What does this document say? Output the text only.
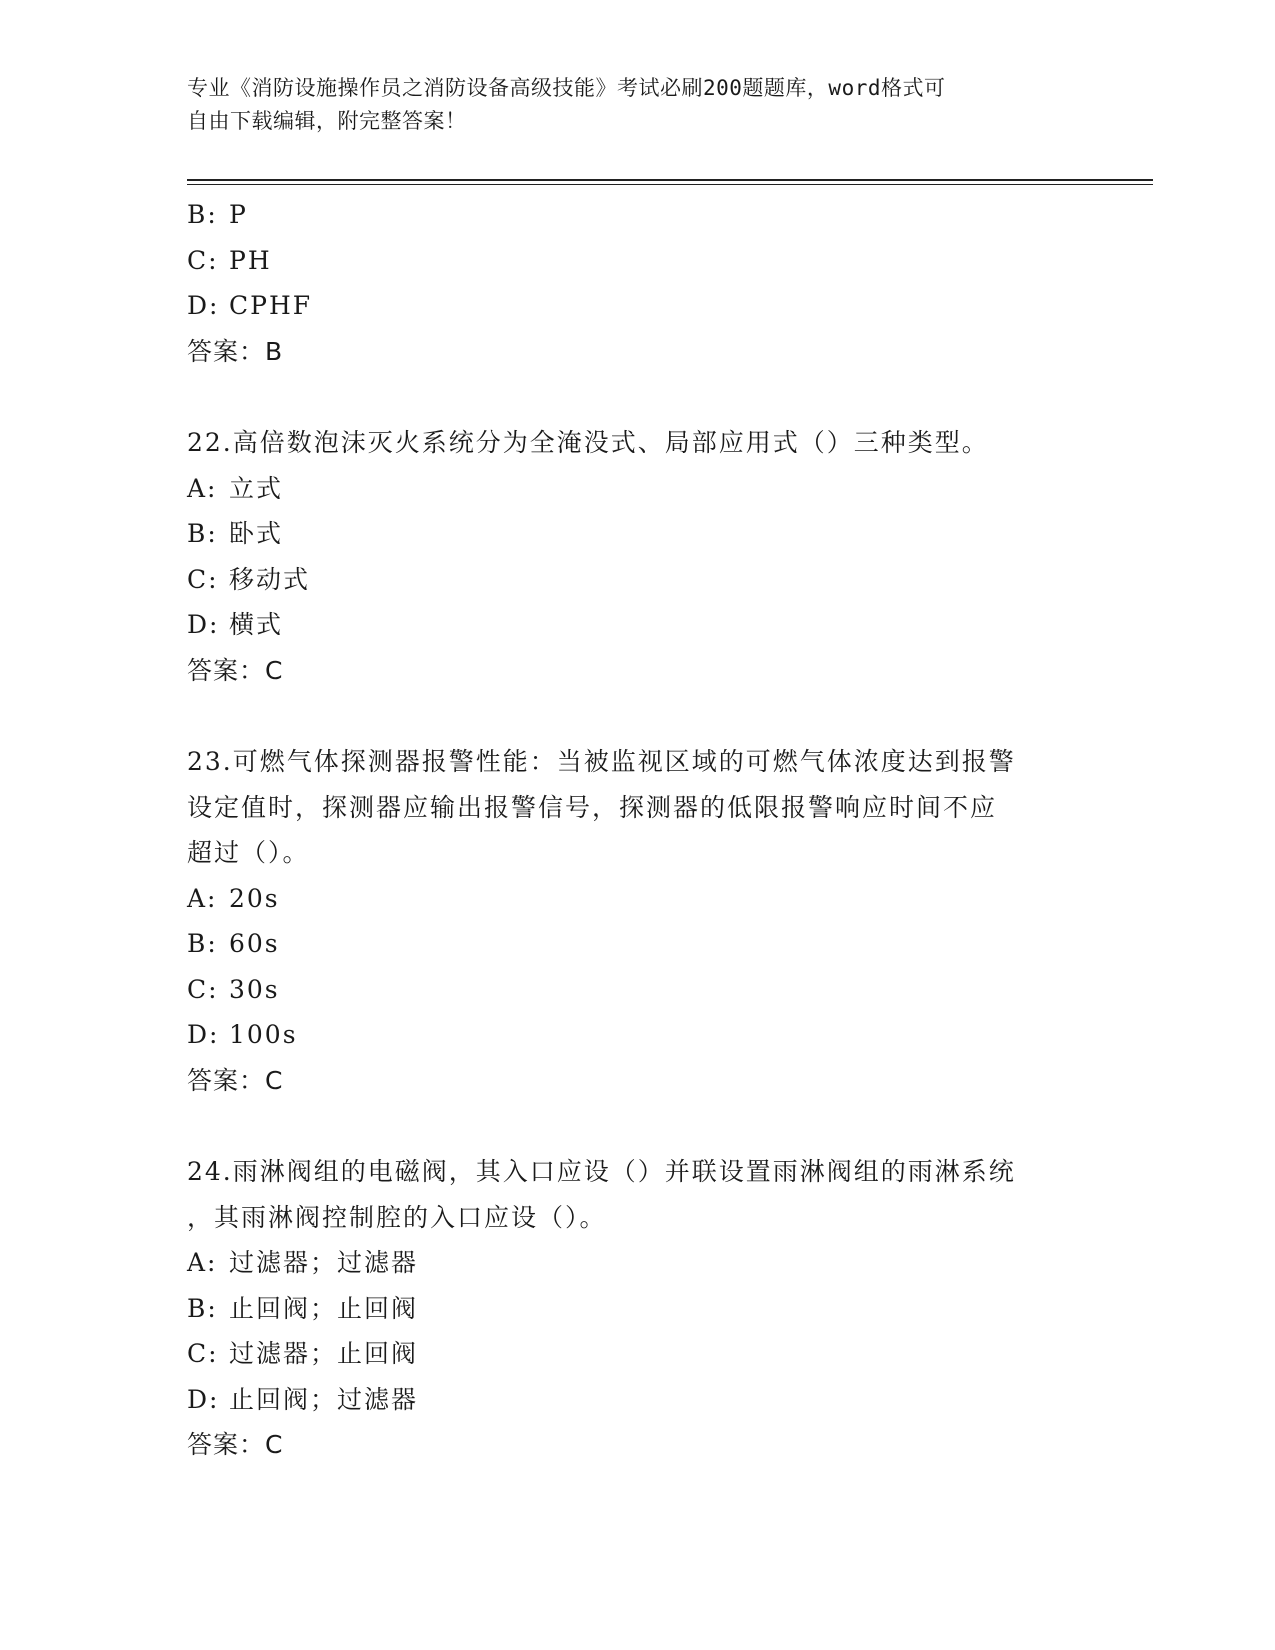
专业《消防设施操作员之消防设备高级技能》考试必刷200题题库，word格式可
自由下载编辑，附完整答案！
B: P
C: PH
D: CPHF
答案：B
22.高倍数泡沫灭火系统分为全淹没式、局部应用式（）三种类型。
A: 立式
B: 卧式
C: 移动式
D: 横式
答案：C
23.可燃气体探测器报警性能：当被监视区域的可燃气体浓度达到报警
设定值时，探测器应输出报警信号，探测器的低限报警响应时间不应
超过（）。
A: 20s
B: 60s
C: 30s
D: 100s
答案：C
24.雨淋阀组的电磁阀，其入口应设（）并联设置雨淋阀组的雨淋系统
，其雨淋阀控制腔的入口应设（）。
A: 过滤器；过滤器
B: 止回阀；止回阀
C: 过滤器；止回阀
D: 止回阀；过滤器
答案：C
